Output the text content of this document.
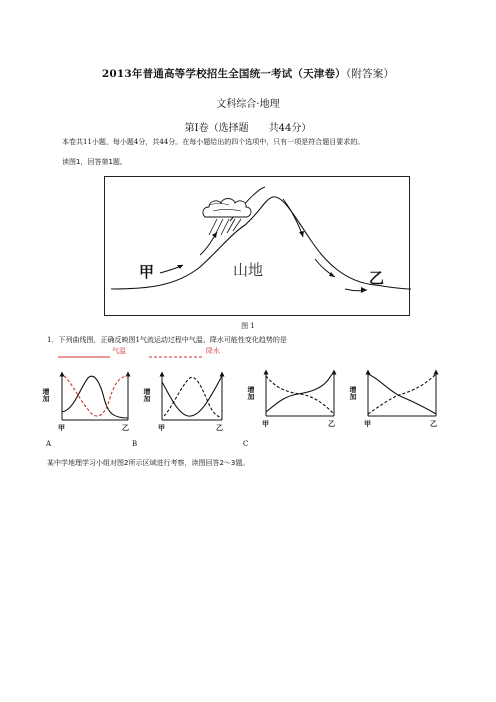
2013年普通高等学校招生全国统一考试（天津卷）（附答案）
文科综合·地理
第Ⅰ卷（选择题　　共44分）
本卷共11小题，每小题4分，共44分。在每小题给出的四个选项中，只有一项是符合题目要求的。
读图1，回答第1题。
甲	山地	乙
图 1
1．下列曲线图，正确反映图1气流运动过程中气温、降水可能性变化趋势的是
气温	降水
增加
甲	乙
增加
甲	乙
增加
甲	乙
增加
甲	乙
A	B	C
某中学地理学习小组对图2所示区域进行考察，读图回答2～3题。
